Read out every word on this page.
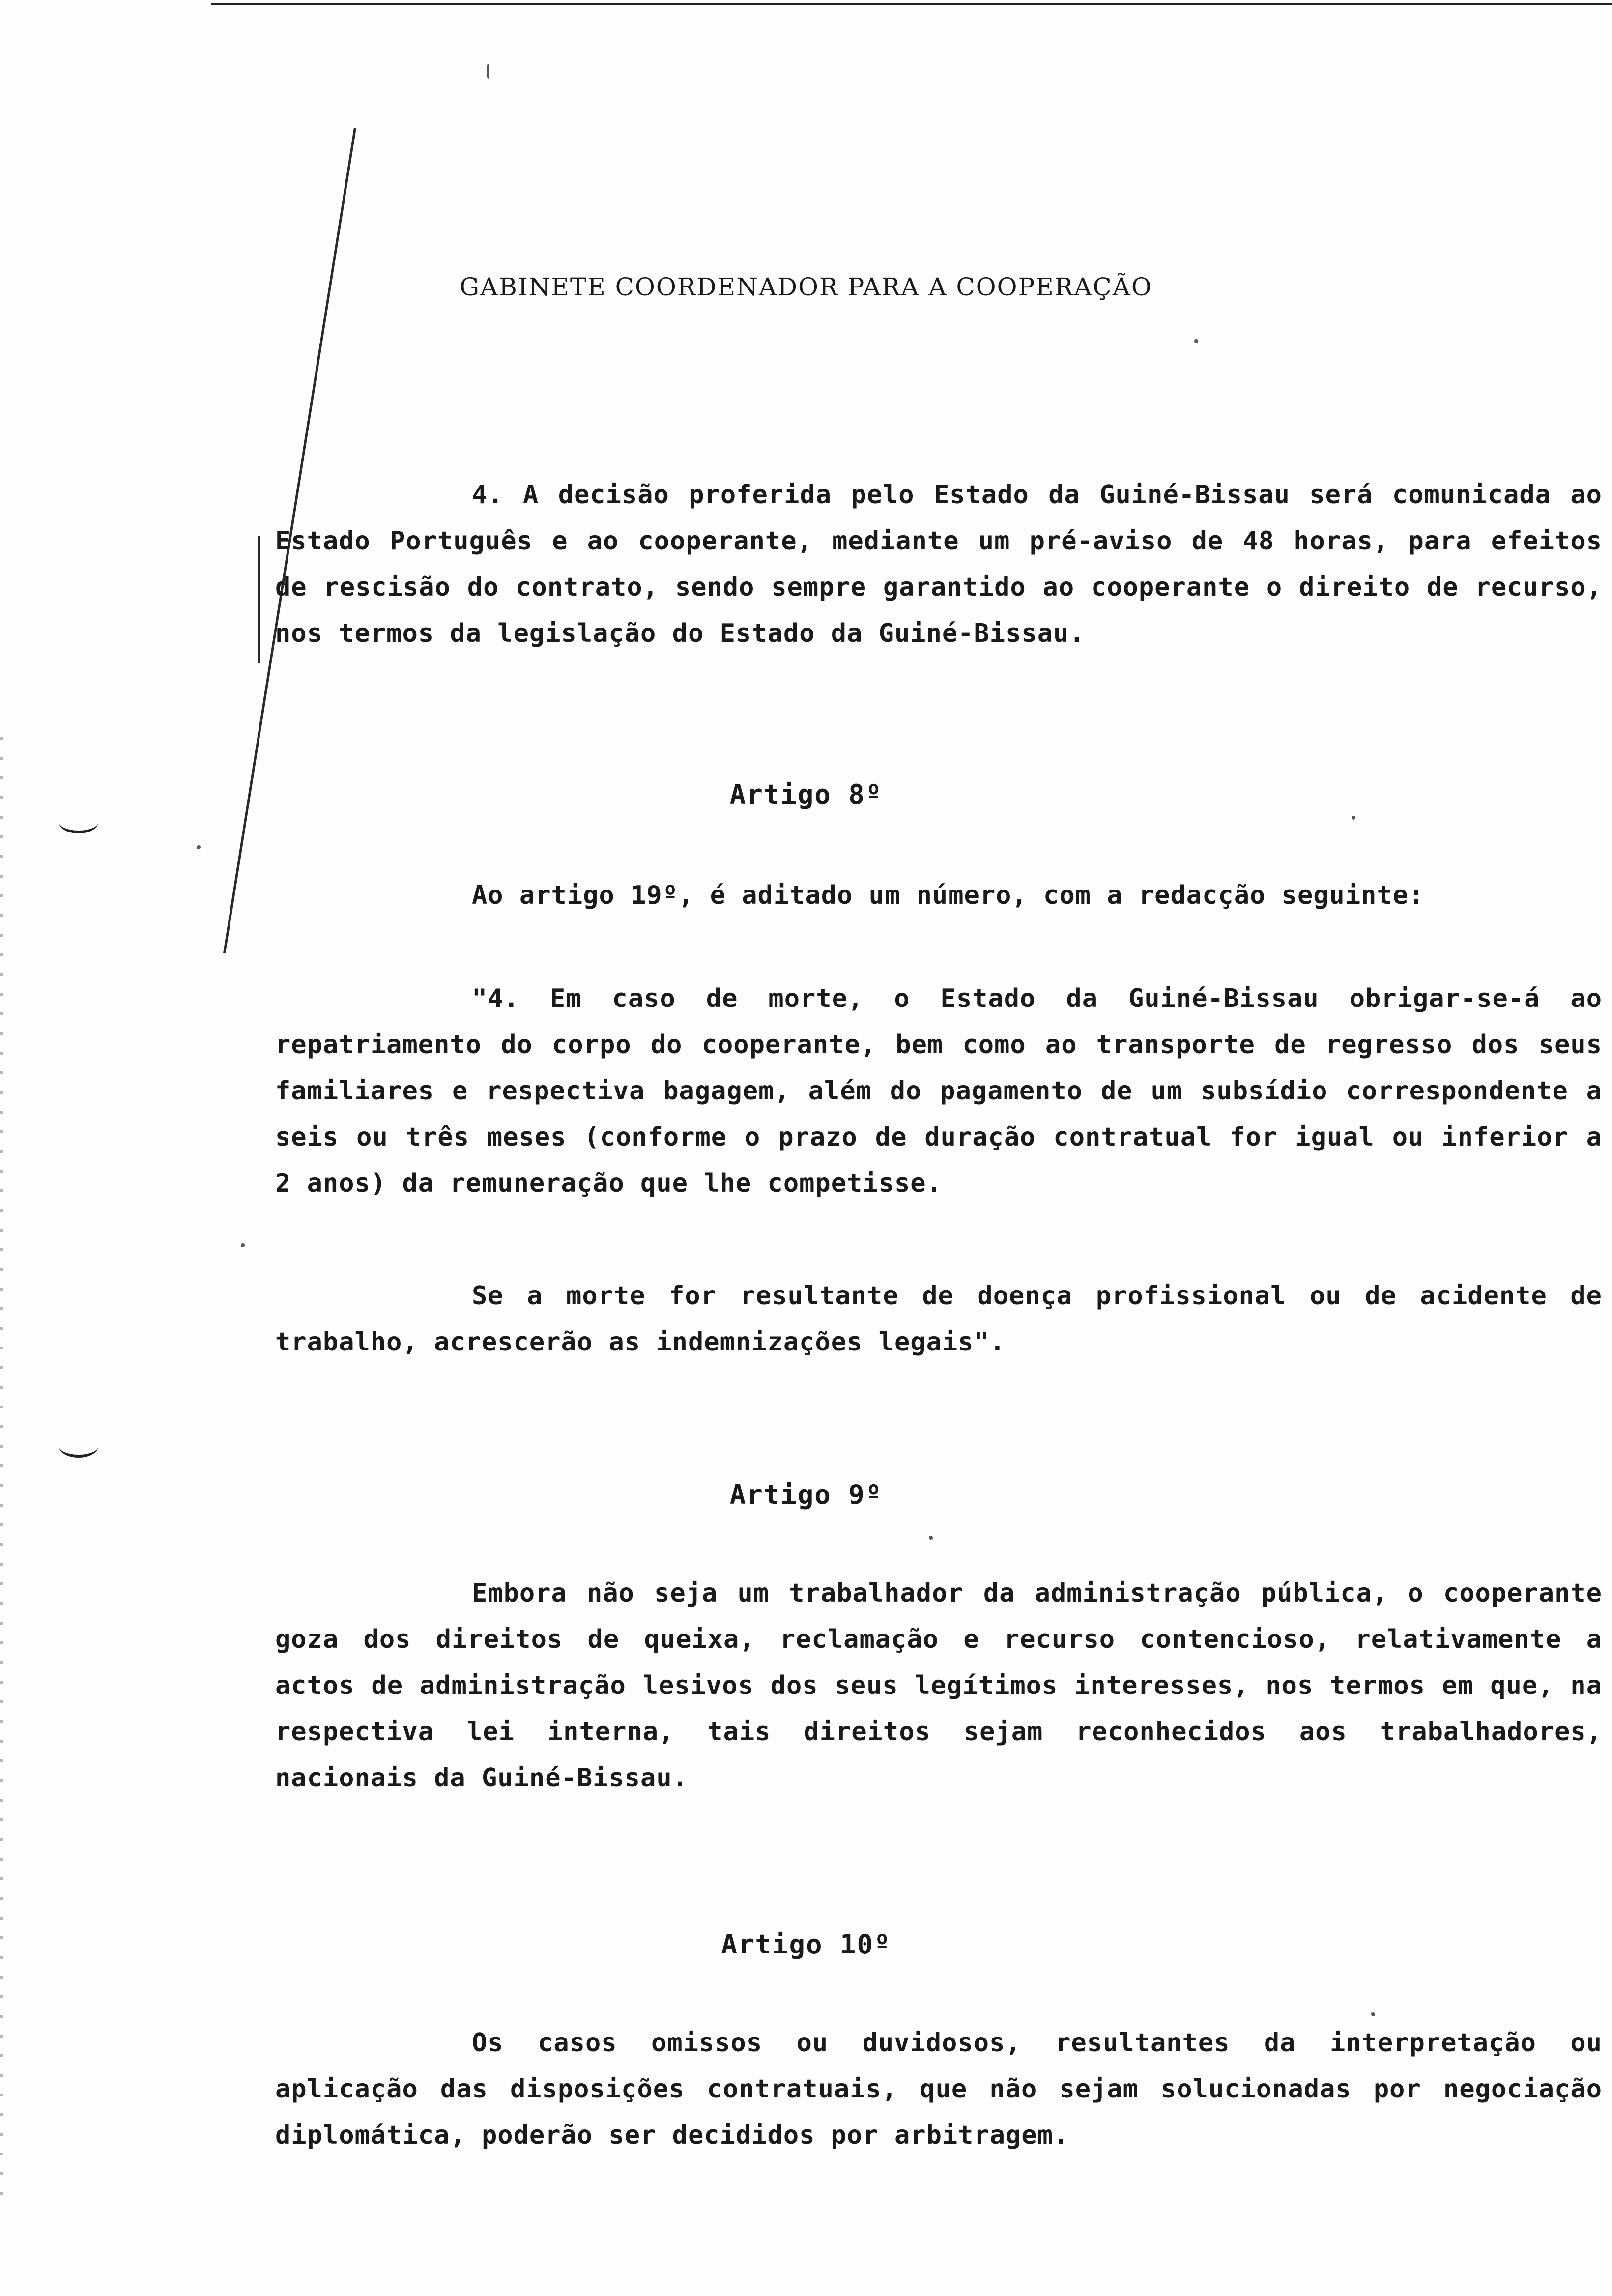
GABINETE COORDENADOR PARA A COOPERAÇÃO

4. A decisão proferida pelo Estado da Guiné-Bissau será comunicada ao Estado Português e ao cooperante, mediante um pré-aviso de 48 horas, para efeitos de rescisão do contrato, sendo sempre garantido ao cooperante o direito de recurso, nos termos da legislação do Estado da Guiné-Bissau.

Artigo 8º

Ao artigo 19º, é aditado um número, com a redacção seguinte:

"4. Em caso de morte, o Estado da Guiné-Bissau obrigar-se-á ao repatriamento do corpo do cooperante, bem como ao transporte de regresso dos seus familiares e respectiva bagagem, além do pagamento de um subsídio correspondente a seis ou três meses (conforme o prazo de duração contratual for igual ou inferior a 2 anos) da remuneração que lhe competisse.

Se a morte for resultante de doença profissional ou de acidente de trabalho, acrescerão as indemnizações legais".

Artigo 9º

Embora não seja um trabalhador da administração pública, o cooperante goza dos direitos de queixa, reclamação e recurso contencioso, relativamente a actos de administração lesivos dos seus legítimos interesses, nos termos em que, na respectiva lei interna, tais direitos sejam reconhecidos aos trabalhadores, nacionais da Guiné-Bissau.

Artigo 10º

Os casos omissos ou duvidosos, resultantes da interpretação ou aplicação das disposições contratuais, que não sejam solucionadas por negociação diplomática, poderão ser decididos por arbitragem.
